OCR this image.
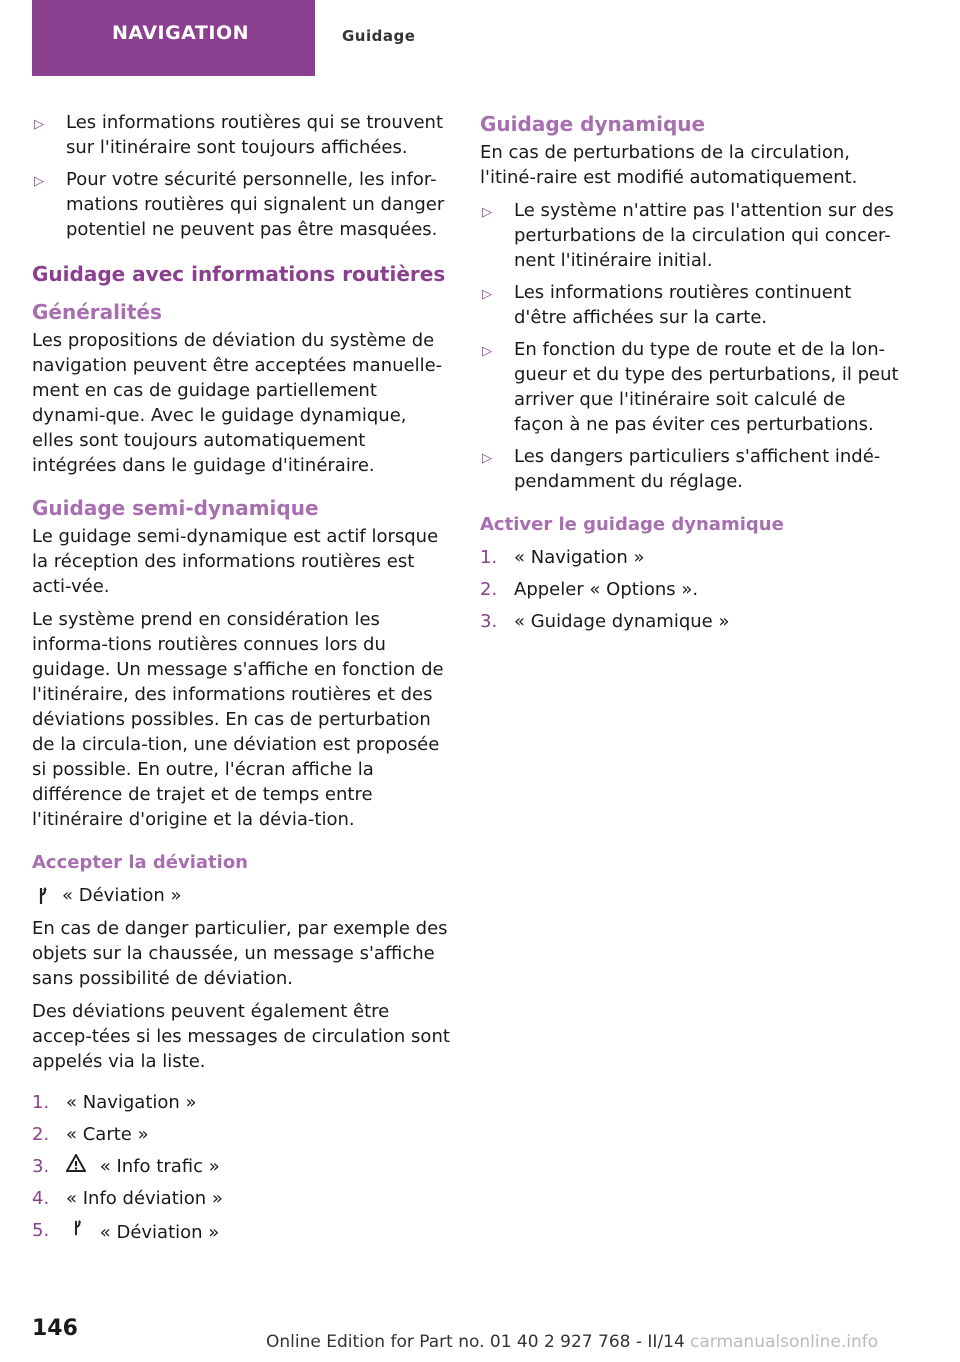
NAVIGATION	Guidage
▷ Les informations routières qui se trouvent sur l'itinéraire sont toujours affichées.
▷ Pour votre sécurité personnelle, les infor-mations routières qui signalent un danger potentiel ne peuvent pas être masquées.
Guidage avec informations routières
Généralités
Les propositions de déviation du système de navigation peuvent être acceptées manuelle-ment en cas de guidage partiellement dynami-que. Avec le guidage dynamique, elles sont toujours automatiquement intégrées dans le guidage d'itinéraire.
Guidage semi-dynamique
Le guidage semi-dynamique est actif lorsque la réception des informations routières est acti-vée.
Le système prend en considération les informa-tions routières connues lors du guidage. Un message s'affiche en fonction de l'itinéraire, des informations routières et des déviations possibles. En cas de perturbation de la circula-tion, une déviation est proposée si possible. En outre, l'écran affiche la différence de trajet et de temps entre l'itinéraire d'origine et la dévia-tion.
Accepter la déviation
« Déviation »
En cas de danger particulier, par exemple des objets sur la chaussée, un message s'affiche sans possibilité de déviation.
Des déviations peuvent également être accep-tées si les messages de circulation sont appelés via la liste.
1. « Navigation »
2. « Carte »
3.	« Info trafic »
4. « Info déviation »
5.	« Déviation »
Guidage dynamique
En cas de perturbations de la circulation, l'itiné-raire est modifié automatiquement.
▷ Le système n'attire pas l'attention sur des perturbations de la circulation qui concer-nent l'itinéraire initial.
▷ Les informations routières continuent d'être affichées sur la carte.
▷ En fonction du type de route et de la lon-gueur et du type des perturbations, il peut arriver que l'itinéraire soit calculé de façon à ne pas éviter ces perturbations.
▷ Les dangers particuliers s'affichent indé-pendamment du réglage.
Activer le guidage dynamique
1. « Navigation »
2. Appeler « Options ».
3. « Guidage dynamique »
146
Online Edition for Part no. 01 40 2 927 768 - II/14 carmanualsonline.info
